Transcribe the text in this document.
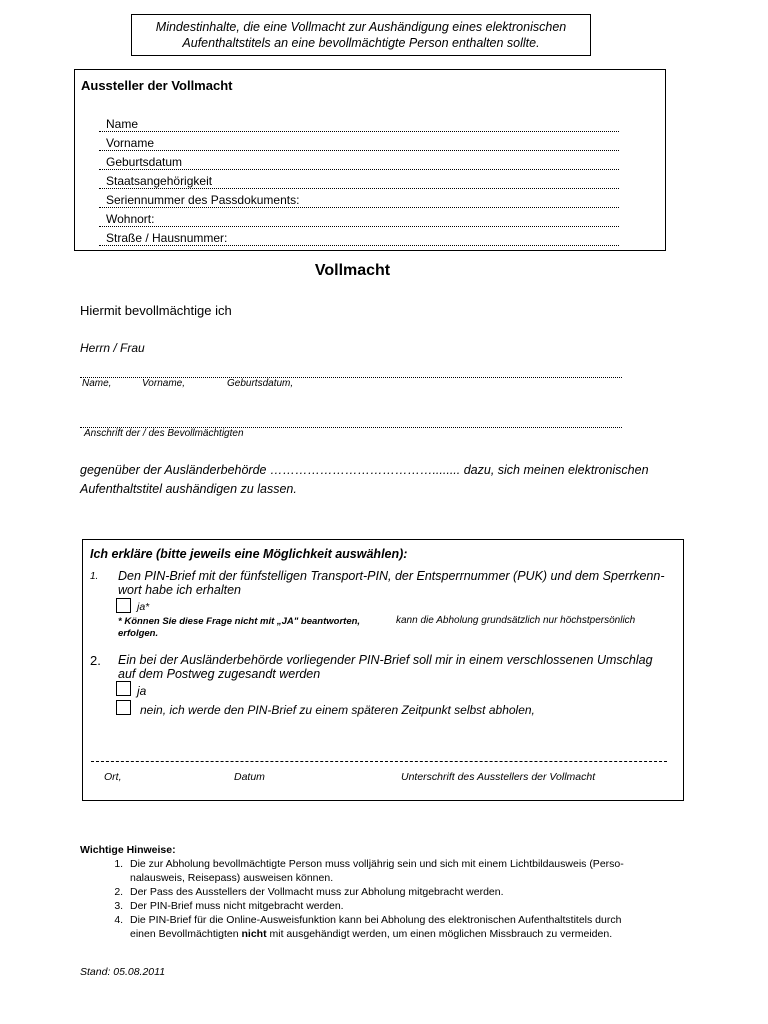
Mindestinhalte, die eine Vollmacht zur Aushändigung eines elektronischen
Aufenthaltstitels an eine bevollmächtigte Person enthalten sollte.
Aussteller der Vollmacht
Name
Vorname
Geburtsdatum
Staatsangehörigkeit
Seriennummer des Passdokuments:
Wohnort:
Straße / Hausnummer:
Vollmacht
Hiermit bevollmächtige ich
Herrn / Frau
Name,	Vorname,	Geburtsdatum,
Anschrift der / des Bevollmächtigten
gegenüber der Ausländerbehörde …………………………………........ dazu, sich meinen elektronischen
Aufenthaltstitel aushändigen zu lassen.
Ich erkläre (bitte jeweils eine Möglichkeit auswählen):
1. Den PIN-Brief mit der fünfstelligen Transport-PIN, der Entsperrnummer (PUK) und dem Sperrkenn-
wort habe ich erhalten
ja*
* Können Sie diese Frage nicht mit „JA" beantworten,	kann die Abholung grundsätzlich nur höchstpersönlich
erfolgen.
2. Ein bei der Ausländerbehörde vorliegender PIN-Brief soll mir in einem verschlossenen Umschlag
auf dem Postweg zugesandt werden
ja
nein, ich werde den PIN-Brief zu einem späteren Zeitpunkt selbst abholen,
Ort,	Datum	Unterschrift des Ausstellers der Vollmacht
Wichtige Hinweise:
1. Die zur Abholung bevollmächtigte Person muss volljährig sein und sich mit einem Lichtbildausweis (Perso-
nalausweis, Reisepass) ausweisen können.
2. Der Pass des Ausstellers der Vollmacht muss zur Abholung mitgebracht werden.
3. Der PIN-Brief muss nicht mitgebracht werden.
4. Die PIN-Brief für die Online-Ausweisfunktion kann bei Abholung des elektronischen Aufenthaltstitels durch
einen Bevollmächtigten nicht mit ausgehändigt werden, um einen möglichen Missbrauch zu vermeiden.
Stand: 05.08.2011
